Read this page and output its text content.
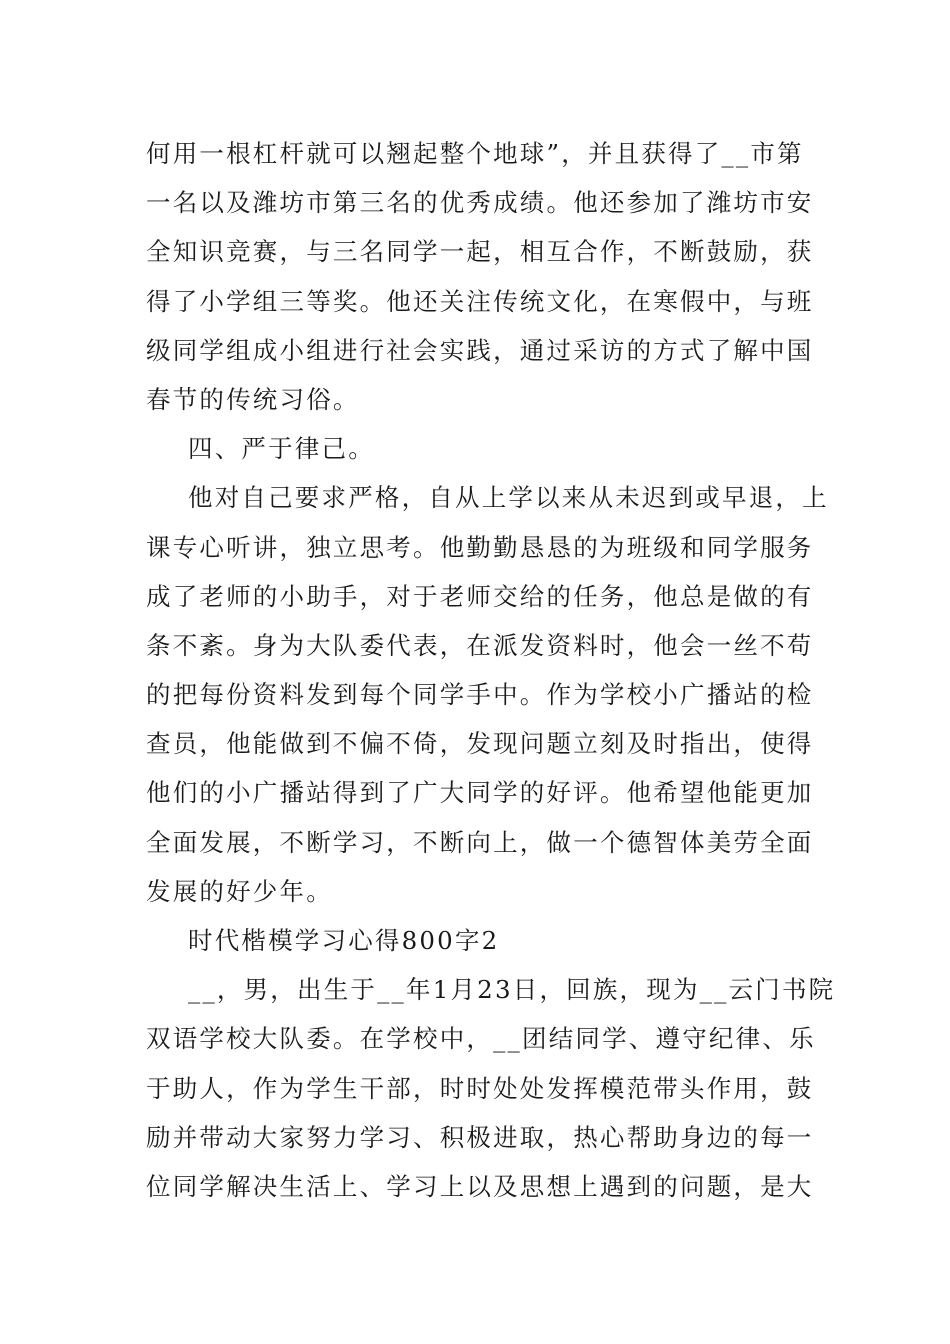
何用一根杠杆就可以翘起整个地球”，并且获得了__市第
一名以及潍坊市第三名的优秀成绩。他还参加了潍坊市安
全知识竞赛，与三名同学一起，相互合作，不断鼓励，获
得了小学组三等奖。他还关注传统文化，在寒假中，与班
级同学组成小组进行社会实践，通过采访的方式了解中国
春节的传统习俗。
四、严于律己。
他对自己要求严格，自从上学以来从未迟到或早退，上
课专心听讲，独立思考。他勤勤恳恳的为班级和同学服务
成了老师的小助手，对于老师交给的任务，他总是做的有
条不紊。身为大队委代表，在派发资料时，他会一丝不苟
的把每份资料发到每个同学手中。作为学校小广播站的检
查员，他能做到不偏不倚，发现问题立刻及时指出，使得
他们的小广播站得到了广大同学的好评。他希望他能更加
全面发展，不断学习，不断向上，做一个德智体美劳全面
发展的好少年。
时代楷模学习心得800字2
__，男，出生于__年1月23日，回族，现为__云门书院
双语学校大队委。在学校中，__团结同学、遵守纪律、乐
于助人，作为学生干部，时时处处发挥模范带头作用，鼓
励并带动大家努力学习、积极进取，热心帮助身边的每一
位同学解决生活上、学习上以及思想上遇到的问题，是大
